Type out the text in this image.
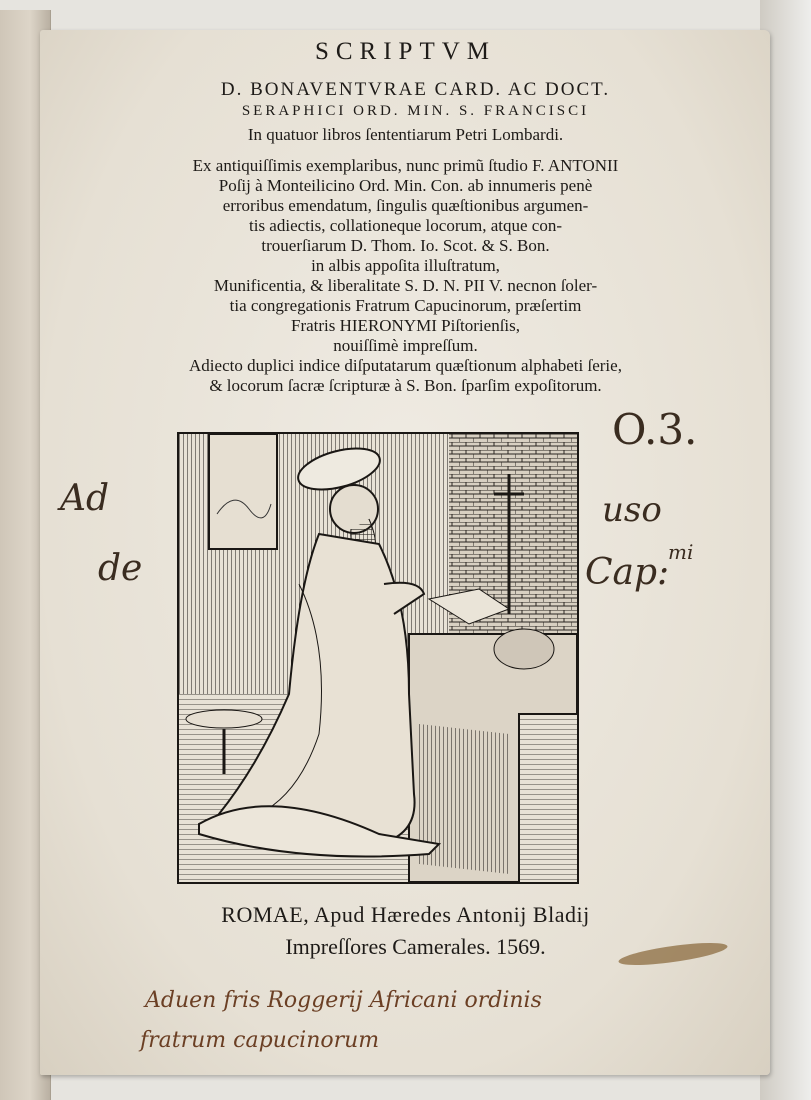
SCRIPTVM
D. BONAVENTVRAE CARD. AC DOCT.
SERAPHICI ORD. MIN. S. FRANCISCI
In quatuor libros ſententiarum Petri Lombardi.
Ex antiquiſſimis exemplaribus, nunc primũ ſtudio F. ANTONII
Poſij à Monteilicino Ord. Min. Con. ab innumeris penè
erroribus emendatum, ſingulis quæſtionibus argumen-
tis adiectis, collationeque locorum, atque con-
trouerſiarum D. Thom. Io. Scot. & S. Bon.
in albis appoſita illuſtratum,
Munificentia, & liberalitate S. D. N. PII V. necnon ſoler-
tia congregationis Fratrum Capucinorum, præſertim
Fratris HIERONYMI Piſtorienſis,
nouiſſimè impreſſum.
Adiecto duplici indice diſputatarum quæſtionum alphabeti ſerie,
& locorum ſacræ ſcripturæ à S. Bon. ſparſim expoſitorum.
ROMAE, Apud Hæredes Antonij Bladij
Impreſſores Camerales. 1569.
O.3.
Ad
de
uso
mi
Cap:
Aduen fris Roggerij Africani ordinis
fratrum capucinorum
